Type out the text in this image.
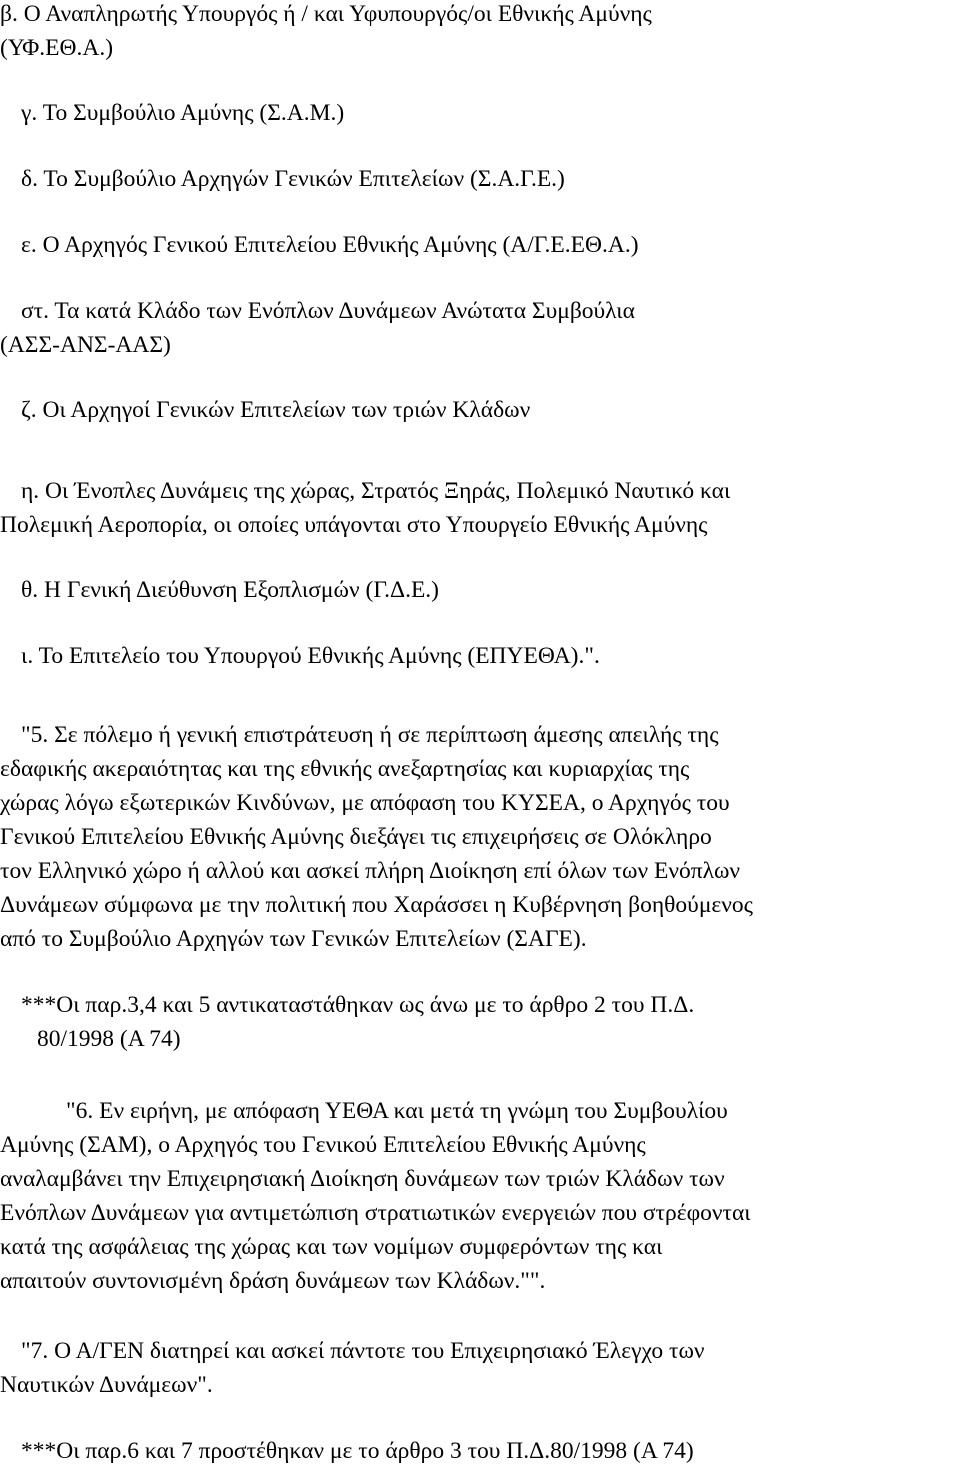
β. Ο Αναπληρωτής Υπουργός ή / και Υφυπουργός/οι Εθνικής Αμύνης

(ΥΦ.ΕΘ.Α.)

γ. Το Συμβούλιο Αμύνης (Σ.Α.Μ.)

δ. Το Συμβούλιο Αρχηγών Γενικών Επιτελείων (Σ.Α.Γ.Ε.)

ε. Ο Αρχηγός Γενικού Επιτελείου Εθνικής Αμύνης (Α/Γ.Ε.ΕΘ.Α.)

στ. Τα κατά Κλάδο των Ενόπλων Δυνάμεων Ανώτατα Συμβούλια

(ΑΣΣ-ΑΝΣ-ΑΑΣ)

ζ. Οι Αρχηγοί Γενικών Επιτελείων των τριών Κλάδων

η. Οι Ένοπλες Δυνάμεις της χώρας, Στρατός Ξηράς, Πολεμικό Ναυτικό και

Πολεμική Αεροπορία, οι οποίες υπάγονται στο Υπουργείο Εθνικής Αμύνης

θ. Η Γενική Διεύθυνση Εξοπλισμών (Γ.Δ.Ε.)

ι. Το Επιτελείο του Υπουργού Εθνικής Αμύνης (ΕΠΥΕΘΑ).".

"5. Σε πόλεμο ή γενική επιστράτευση ή σε περίπτωση άμεσης απειλής της

εδαφικής ακεραιότητας και της εθνικής ανεξαρτησίας και κυριαρχίας της

χώρας λόγω εξωτερικών Κινδύνων, με απόφαση του ΚΥΣΕΑ, ο Αρχηγός του

Γενικού Επιτελείου Εθνικής Αμύνης διεξάγει τις επιχειρήσεις σε Ολόκληρο

τον Ελληνικό χώρο ή αλλού και ασκεί πλήρη Διοίκηση επί όλων των Ενόπλων

Δυνάμεων σύμφωνα με την πολιτική που Χαράσσει η Κυβέρνηση βοηθούμενος

από το Συμβούλιο Αρχηγών των Γενικών Επιτελείων (ΣΑΓΕ).

***Οι παρ.3,4 και 5 αντικαταστάθηκαν ως άνω με το άρθρο 2 του Π.Δ.

80/1998 (Α 74)

"6. Εν ειρήνη, με απόφαση ΥΕΘΑ και μετά τη γνώμη του Συμβουλίου

Αμύνης (ΣΑΜ), ο Αρχηγός του Γενικού Επιτελείου Εθνικής Αμύνης

αναλαμβάνει την Επιχειρησιακή Διοίκηση δυνάμεων των τριών Κλάδων των

Ενόπλων Δυνάμεων για αντιμετώπιση στρατιωτικών ενεργειών που στρέφονται

κατά της ασφάλειας της χώρας και των νομίμων συμφερόντων της και

απαιτούν συντονισμένη δράση δυνάμεων των Κλάδων."".

"7. Ο Α/ΓΕΝ διατηρεί και ασκεί πάντοτε του Επιχειρησιακό Έλεγχο των

Ναυτικών Δυνάμεων".

***Οι παρ.6 και 7 προστέθηκαν με το άρθρο 3 του Π.Δ.80/1998 (Α 74)
